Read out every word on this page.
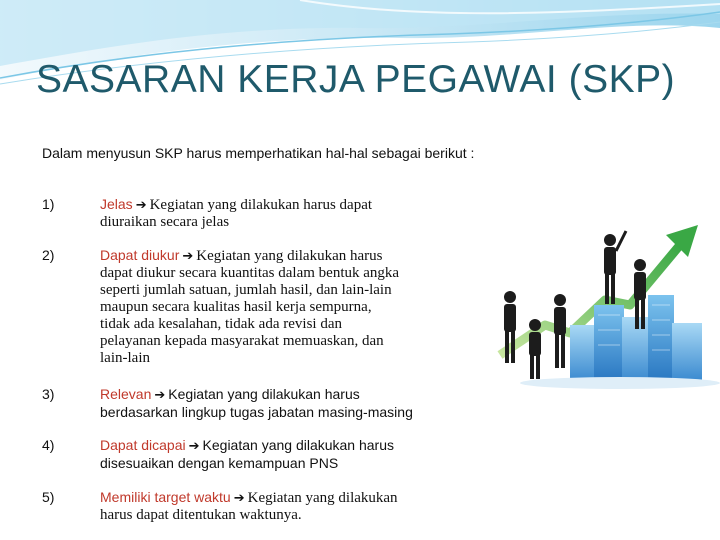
SASARAN KERJA PEGAWAI (SKP)
Dalam menyusun SKP harus memperhatikan hal-hal sebagai berikut :
1)	Jelas ➔ Kegiatan yang dilakukan harus dapat
diuraikan secara jelas
2)	Dapat diukur ➔ Kegiatan yang dilakukan harus
dapat diukur secara kuantitas dalam bentuk angka
seperti jumlah satuan, jumlah hasil, dan lain-lain
maupun secara kualitas hasil kerja sempurna,
tidak ada kesalahan, tidak ada revisi dan
pelayanan kepada masyarakat memuaskan, dan
lain-lain
3)	Relevan ➔ Kegiatan yang dilakukan harus
berdasarkan lingkup tugas jabatan masing-masing
4)	Dapat dicapai ➔ Kegiatan yang dilakukan harus
disesuaikan dengan kemampuan PNS
5)	Memiliki target waktu ➔ Kegiatan yang dilakukan
harus dapat ditentukan waktunya.
